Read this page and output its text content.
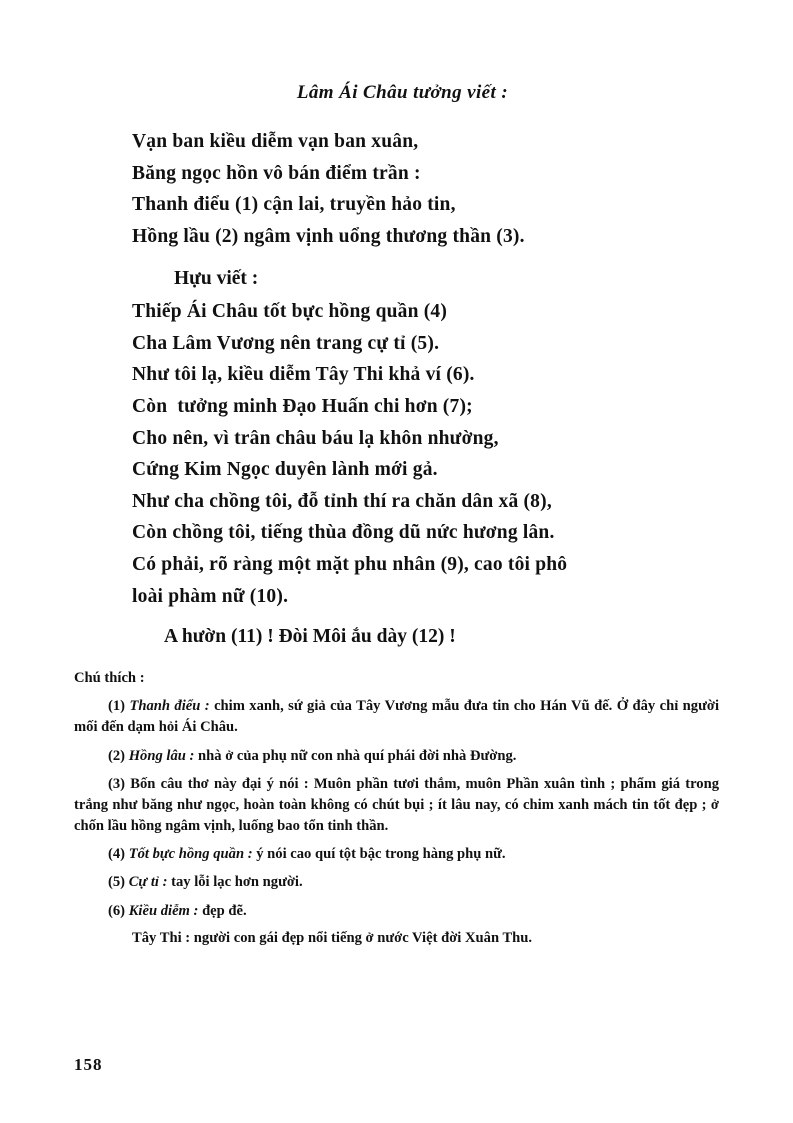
Lâm Ái Châu tưởng viết :
Vạn ban kiều diễm vạn ban xuân,
Băng ngọc hồn vô bán điểm trần :
Thanh điểu (1) cận lai, truyền hảo tin,
Hồng lầu (2) ngâm vịnh uổng thương thần (3).
Hựu viết :
Thiếp Ái Châu tốt bực hồng quần (4)
Cha Lâm Vương nên trang cự tỉ (5).
Như tôi lạ, kiều diễm Tây Thi khả ví (6).
Còn  tưởng minh Đạo Huấn chi hơn (7);
Cho nên, vì trân châu báu lạ khôn nhường,
Cứng Kim Ngọc duyên lành mới gả.
Như cha chồng tôi, đỗ tỉnh thí ra chăn dân xã (8),
Còn chồng tôi, tiếng thùa đồng dũ nức hương lân.
Có phải, rõ ràng một mặt phu nhân (9), cao tôi phô
loài phàm nữ (10).
A hườn (11) ! Đòi Môi ắu dày (12) !
Chú thích :
(1) Thanh điểu : chim xanh, sứ giả của Tây Vương mẫu đưa tin cho Hán Vũ đế. Ở đây chỉ người mối đến dạm hỏi Ái Châu.
(2) Hồng lâu : nhà ở của phụ nữ con nhà quí phái đời nhà Đường.
(3) Bốn câu thơ này đại ý nói : Muôn phần tươi thắm, muôn Phần xuân tình ; phẩm giá trong trắng như băng như ngọc, hoàn toàn không có chút bụi ; ít lâu nay, có chim xanh mách tin tốt đẹp ; ở chốn lầu hồng ngâm vịnh, luống bao tổn tinh thần.
(4) Tốt bực hồng quần : ý nói cao quí tột bậc trong hàng phụ nữ.
(5) Cự tỉ : tay lỗi lạc hơn người.
(6) Kiều diễm : đẹp đẽ.
Tây Thi : người con gái đẹp nổi tiếng ở nước Việt đời Xuân Thu.
158
